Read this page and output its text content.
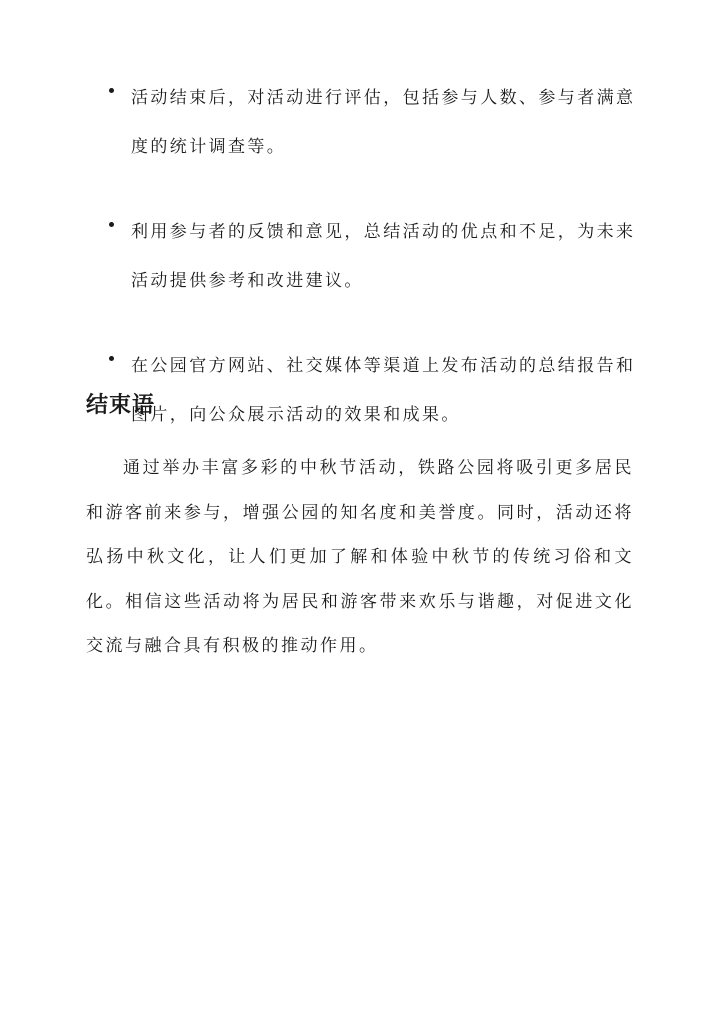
活动结束后，对活动进行评估，包括参与人数、参与者满意度的统计调查等。
利用参与者的反馈和意见，总结活动的优点和不足，为未来活动提供参考和改进建议。
在公园官方网站、社交媒体等渠道上发布活动的总结报告和图片，向公众展示活动的效果和成果。
结束语

通过举办丰富多彩的中秋节活动，铁路公园将吸引更多居民和游客前来参与，增强公园的知名度和美誉度。同时，活动还将弘扬中秋文化，让人们更加了解和体验中秋节的传统习俗和文化。相信这些活动将为居民和游客带来欢乐与谐趣，对促进文化交流与融合具有积极的推动作用。
